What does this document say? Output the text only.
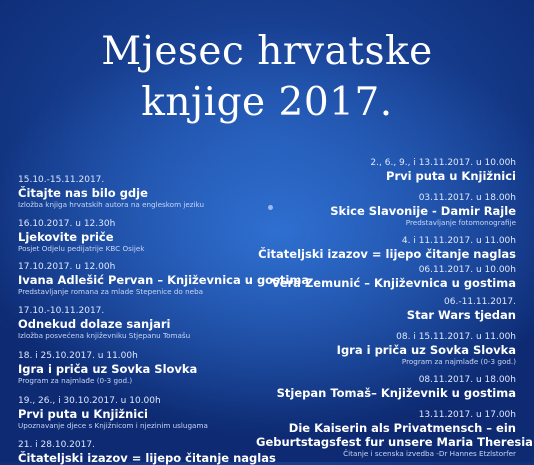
Mjesec hrvatske
knjige 2017.
15.10.-15.11.2017.
Čitajte nas bilo gdje
Izložba knjiga hrvatskih autora na engleskom jeziku
16.10.2017. u 12.30h
Ljekovite priče
Posjet Odjelu pedijatrije KBC Osijek
17.10.2017. u 12.00h
Ivana Adlešić Pervan – Književnica u gostima
Predstavljanje romana za mlade Stepenice do neba
17.10.-10.11.2017.
Odnekud dolaze sanjari
Izložba posvećena književniku Stjepanu Tomašu
18. i 25.10.2017. u 11.00h
Igra i priča uz Sovka Slovka
Program za najmlađe (0-3 god.)
19., 26., i 30.10.2017. u 10.00h
Prvi puta u Knjižnici
Upoznavanje djece s Knjižnicom i njezinim uslugama
21. i 28.10.2017.
Čitateljski izazov = lijepo čitanje naglas
2., 6., 9., i 13.11.2017. u 10.00h
Prvi puta u Knjižnici
03.11.2017. u 18.00h
Skice Slavonije - Damir Rajle
Predstavljanje fotomonografije
4. i 11.11.2017. u 11.00h
Čitateljski izazov = lijepo čitanje naglas
06.11.2017. u 10.00h
Vera Zemunić – Književnica u gostima
06.-11.11.2017.
Star Wars tjedan
08. i 15.11.2017. u 11.00h
Igra i priča uz Sovka Slovka
Program za najmlađe (0-3 god.)
08.11.2017. u 18.00h
Stjepan Tomaš– Književnik u gostima
13.11.2017. u 17.00h
Die Kaiserin als Privatmensch – ein
Geburtstagsfest fur unsere Maria Theresia
Čitanje i scenska izvedba -Dr Hannes Etzlstorfer
